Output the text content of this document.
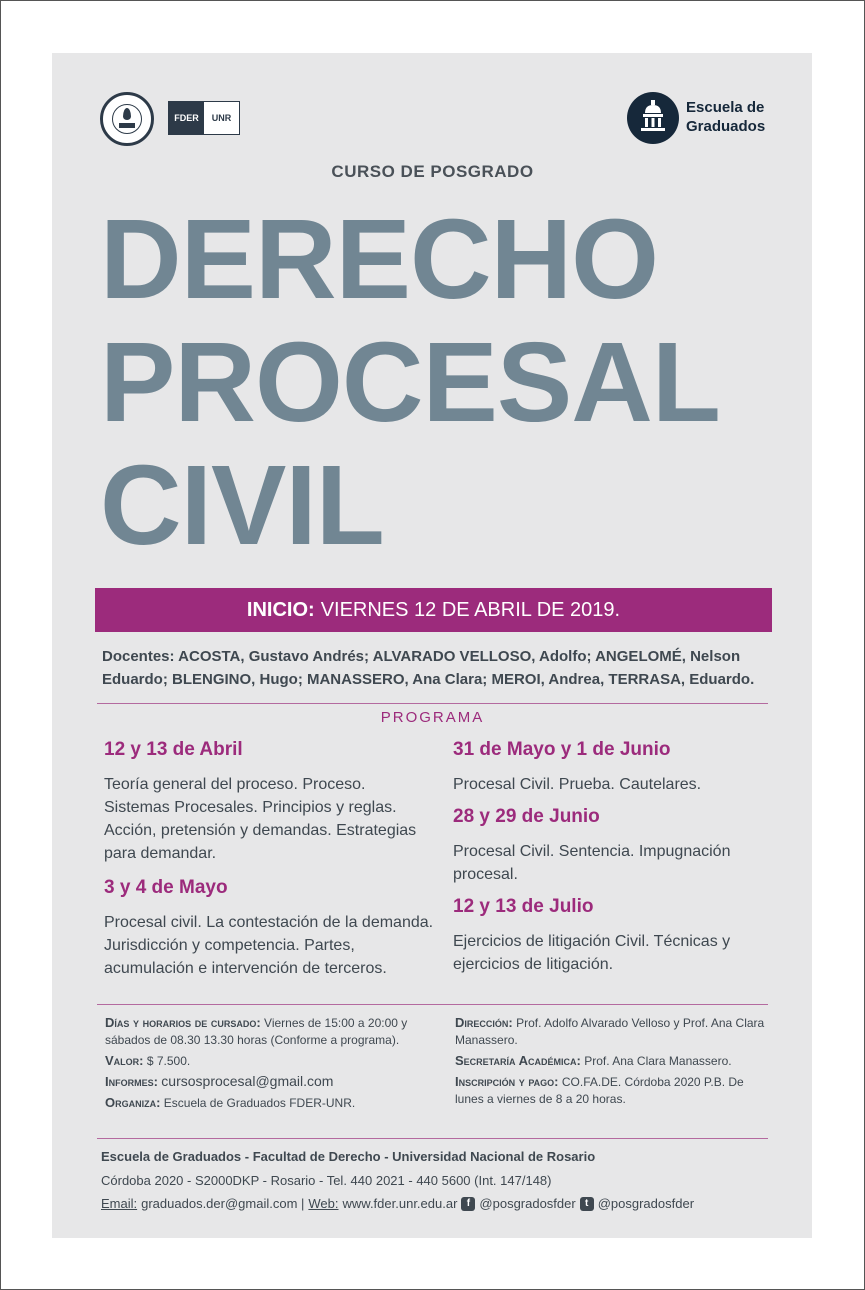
FDER	UNR
Escuela de
Graduados
CURSO DE POSGRADO
DERECHO
PROCESAL
CIVIL
INICIO: VIERNES 12 DE ABRIL DE 2019.
Docentes: ACOSTA, Gustavo Andrés; ALVARADO VELLOSO, Adolfo; ANGELOMÉ, Nelson Eduardo; BLENGINO, Hugo; MANASSERO, Ana Clara; MEROI, Andrea, TERRASA, Eduardo.
PROGRAMA
12 y 13 de Abril

Teoría general del proceso. Proceso. Sistemas Procesales. Principios y reglas. Acción, pretensión y demandas. Estrategias para demandar.

3 y 4 de Mayo

Procesal civil. La contestación de la demanda. Jurisdicción y competencia. Partes, acumulación e intervención de terceros.

31 de Mayo y 1 de Junio

Procesal Civil. Prueba. Cautelares.

28 y 29 de Junio

Procesal Civil. Sentencia. Impugnación procesal.

12 y 13 de Julio

Ejercicios de litigación Civil. Técnicas y ejercicios de litigación.

Días y horarios de cursado: Viernes de 15:00 a 20:00 y sábados de 08.30 13.30 horas (Conforme a programa).
Valor: $ 7.500.
Informes: cursosprocesal@gmail.com
Organiza: Escuela de Graduados FDER-UNR.
Dirección: Prof. Adolfo Alvarado Velloso y Prof. Ana Clara Manassero.
Secretaría Académica: Prof. Ana Clara Manassero.
Inscripción y pago: CO.FA.DE. Córdoba 2020 P.B. De lunes a viernes de 8 a 20 horas.
Escuela de Graduados - Facultad de Derecho - Universidad Nacional de Rosario
Córdoba 2020 - S2000DKP - Rosario - Tel. 440 2021 - 440 5600 (Int. 147/148)
Email: graduados.der@gmail.com | Web: www.fder.unr.edu.ar f @posgradosfder t @posgradosfder
